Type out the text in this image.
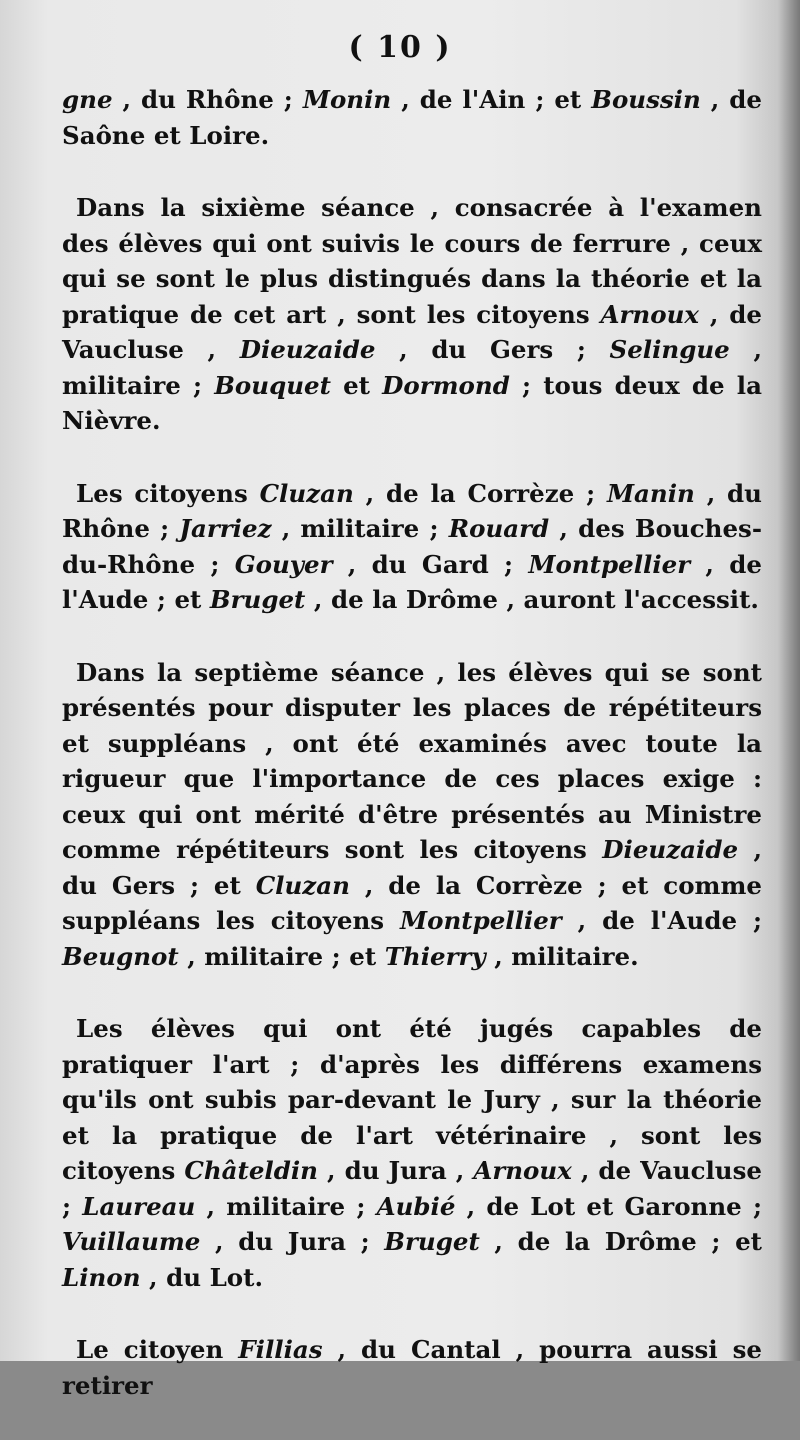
( 10 )

gne , du Rhône ; Monin , de l'Ain ; et Boussin , de Saône et Loire.

Dans la sixième séance , consacrée à l'examen des élèves qui ont suivis le cours de ferrure , ceux qui se sont le plus distingués dans la théorie et la pratique de cet art , sont les citoyens Arnoux , de Vaucluse , Dieuzaide , du Gers ; Selingue , militaire ; Bouquet et Dormond ; tous deux de la Nièvre.

Les citoyens Cluzan , de la Corrèze ; Manin , du Rhône ; Jarriez , militaire ; Rouard , des Bouches-du-Rhône ; Gouyer , du Gard ; Montpellier , de l'Aude ; et Bruget , de la Drôme , auront l'accessit.

Dans la septième séance , les élèves qui se sont présentés pour disputer les places de répétiteurs et suppléans , ont été examinés avec toute la rigueur que l'importance de ces places exige : ceux qui ont mérité d'être présentés au Ministre comme répétiteurs sont les citoyens Dieuzaide , du Gers ; et Cluzan , de la Corrèze ; et comme suppléans les citoyens Montpellier , de l'Aude ; Beugnot , militaire ; et Thierry , militaire.

Les élèves qui ont été jugés capables de pratiquer l'art ; d'après les différens examens qu'ils ont subis par-devant le Jury , sur la théorie et la pratique de l'art vétérinaire , sont les citoyens Châteldin , du Jura , Arnoux , de Vaucluse ; Laureau , militaire ; Aubié , de Lot et Garonne ; Vuillaume , du Jura ; Bruget , de la Drôme ; et Linon , du Lot.

Le citoyen Fillias , du Cantal , pourra aussi se retirer
